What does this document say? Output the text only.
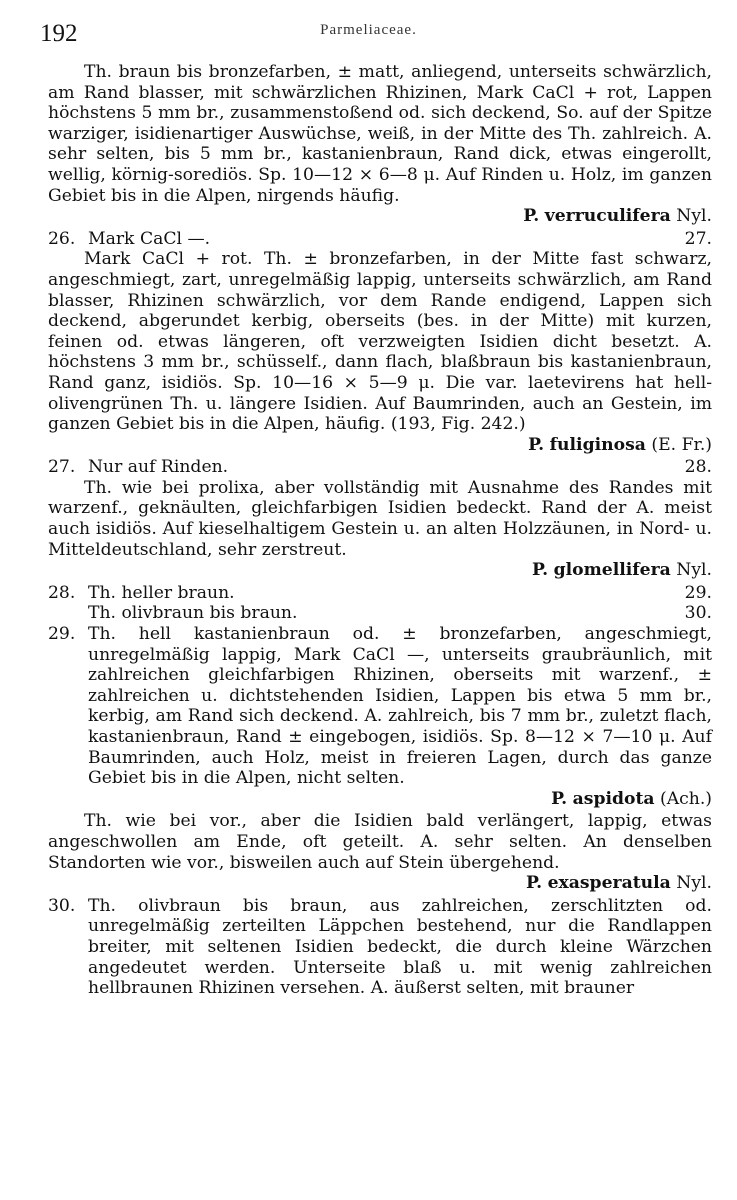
192	Parmeliaceae.

Th. braun bis bronzefarben, ± matt, anliegend, unterseits schwärzlich, am Rand blasser, mit schwärzlichen Rhizinen, Mark CaCl + rot, Lappen höchstens 5 mm br., zusammenstoßend od. sich deckend, So. auf der Spitze warziger, isidienartiger Auswüchse, weiß, in der Mitte des Th. zahlreich. A. sehr selten, bis 5 mm br., kastanienbraun, Rand dick, etwas eingerollt, wellig, körnig-sorediös. Sp. 10—12 × 6—8 μ. Auf Rinden u. Holz, im ganzen Gebiet bis in die Alpen, nirgends häufig.

P. verruculifera Nyl.
26. Mark CaCl —.	27.

Mark CaCl + rot. Th. ± bronzefarben, in der Mitte fast schwarz, angeschmiegt, zart, unregelmäßig lappig, unterseits schwärzlich, am Rand blasser, Rhizinen schwärzlich, vor dem Rande endigend, Lappen sich deckend, abgerundet kerbig, oberseits (bes. in der Mitte) mit kurzen, feinen od. etwas längeren, oft verzweigten Isidien dicht besetzt. A. höchstens 3 mm br., schüsself., dann flach, blaßbraun bis kastanienbraun, Rand ganz, isidiös. Sp. 10—16 × 5—9 μ. Die var. laetevirens hat hell-olivengrünen Th. u. längere Isidien. Auf Baumrinden, auch an Gestein, im ganzen Gebiet bis in die Alpen, häufig. (193, Fig. 242.)

P. fuliginosa (E. Fr.)
27. Nur auf Rinden.	28.

Th. wie bei prolixa, aber vollständig mit Ausnahme des Randes mit warzenf., geknäulten, gleichfarbigen Isidien bedeckt. Rand der A. meist auch isidiös. Auf kieselhaltigem Gestein u. an alten Holzzäunen, in Nord- u. Mitteldeutschland, sehr zerstreut.

P. glomellifera Nyl.
28. Th. heller braun.	29.
Th. olivbraun bis braun.	30.
29. Th. hell kastanienbraun od. ± bronzefarben, angeschmiegt, unregelmäßig lappig, Mark CaCl —, unterseits graubräunlich, mit zahlreichen gleichfarbigen Rhizinen, oberseits mit warzenf., ± zahlreichen u. dichtstehenden Isidien, Lappen bis etwa 5 mm br., kerbig, am Rand sich deckend. A. zahlreich, bis 7 mm br., zuletzt flach, kastanienbraun, Rand ± eingebogen, isidiös. Sp. 8—12 × 7—10 μ. Auf Baumrinden, auch Holz, meist in freieren Lagen, durch das ganze Gebiet bis in die Alpen, nicht selten.
P. aspidota (Ach.)

Th. wie bei vor., aber die Isidien bald verlängert, lappig, etwas angeschwollen am Ende, oft geteilt. A. sehr selten. An denselben Standorten wie vor., bisweilen auch auf Stein übergehend.

P. exasperatula Nyl.
30. Th. olivbraun bis braun, aus zahlreichen, zerschlitzten od. unregelmäßig zerteilten Läppchen bestehend, nur die Randlappen breiter, mit seltenen Isidien bedeckt, die durch kleine Wärzchen angedeutet werden. Unterseite blaß u. mit wenig zahlreichen hellbraunen Rhizinen versehen. A. äußerst selten, mit brauner
